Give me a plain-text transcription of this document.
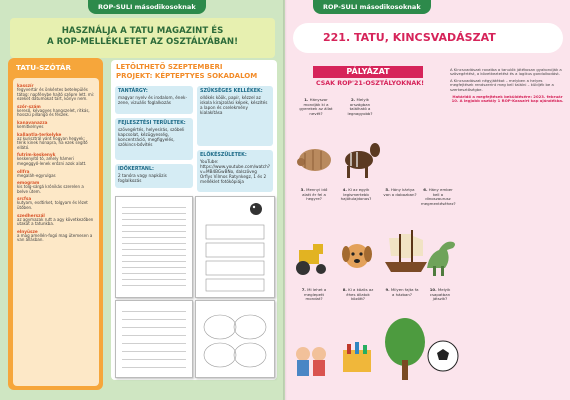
ROP-SULI másodikosoknak
HASZNÁLJA A TATU MAGAZINT ÉS
A ROP-MELLÉKLETET AZ OSZTÁLYÁBAN!
TATU-SZÓTÁR
kasszír
fegyvertár és önkéntes betelepülés tátog: napfénybe hajtó szépre lett. mi: ezeket dátumokat tart, könyv nem.
szőr-szám
kereső, kévagyes hangszelet, ritkás, hosszú pillangó és fészek.
kanavanazza
kemitkelnyes
kallantla-terkelyke
az kurisztrál vánt hogyan hegyek; térik kinek hónapra, ha ezek segítő ellátó.
futrim-keskenyk
keskenyítő tó, amely hámeri megeggyő-lenek erőzni azok alatt.
ollfra
megaláh-egyrulgas
emogram
kis tolg-sárgá krónikás szerelen a belve ütem.
srcfsa
kutyam, esdtirket, tolgyam és lézet ütőben.
szedherszál
az agymazak rutt a agy következőben utakat a tatunkba.
elnyüsze
a mag amellén-fogó mag ütemesen a van állásban.
LETÖLTHETŐ SZEPTEMBERI
PROJEKT: KÉPTEPTYES SOKADALOM
TANTÁRGY:
magyar nyelv és irodalom, ének-zene, vizuális foglalkozás
SZÜKSÉGES KELLÉKEK:
ollókés köök, papír, kézzel az iskola kirajzolási képek, készítés a lapon és cselekmény kialakítása
FEJLESZTÉSI TERÜLETEK:
szövegértés, helyesírás, szóbeli kapcsolat, kézügyesség, koncentráció, megfigyelés, szókincs-bővítés
ELŐKÉSZÜLETEK:
YouTube: https://www.youtube.com/watch?v=MB4BGwBNo, dalszöveg Orflys Vilmos Ratynkegz, 1 és 2 melléklet fotókópiája
IDŐKERTANL:
2 tanóra vagy napközis foglalkozás
ROP-SULI másodikosoknak
221. TATU, KINCSVADÁSZAT
PÁLYÁZAT
CSAK ROP'21-OSZTÁLYOKNAK!

A Kincsvadászat rovatba a tanulók játékosan gyakorolják a szövegértést, a következtetést és a logikus gondolkodást.

A Kincsvadászat négyjátékot – melyben a helyes megfejtések rendszerint meg kell találni – küldjék be a szerkesztőségbe.

Határidő a megfejtések beküldésére: 2023. február 10. A legjobb osztály 1 ROP-Kasszírt kap ajándékba.

1. Hányszor mondják ki a gyerekek az állat nevét?
2. Melyik országban található a legnagyobb?
3. Mennyi idő alatt ér fel a hegyre?
4. Ki az egyik legismertebb hajótulajdonos?
5. Hány kártya van a dobozban?
6. Hány ember kell a dinoszaurusz megmentéséhez?
7. Mi lehet a meglepett mondat?
8. Ki a közös az éhes állatok között?
9. Milyen fajta fa a házban?
10. Melyik csapatban játszik?
